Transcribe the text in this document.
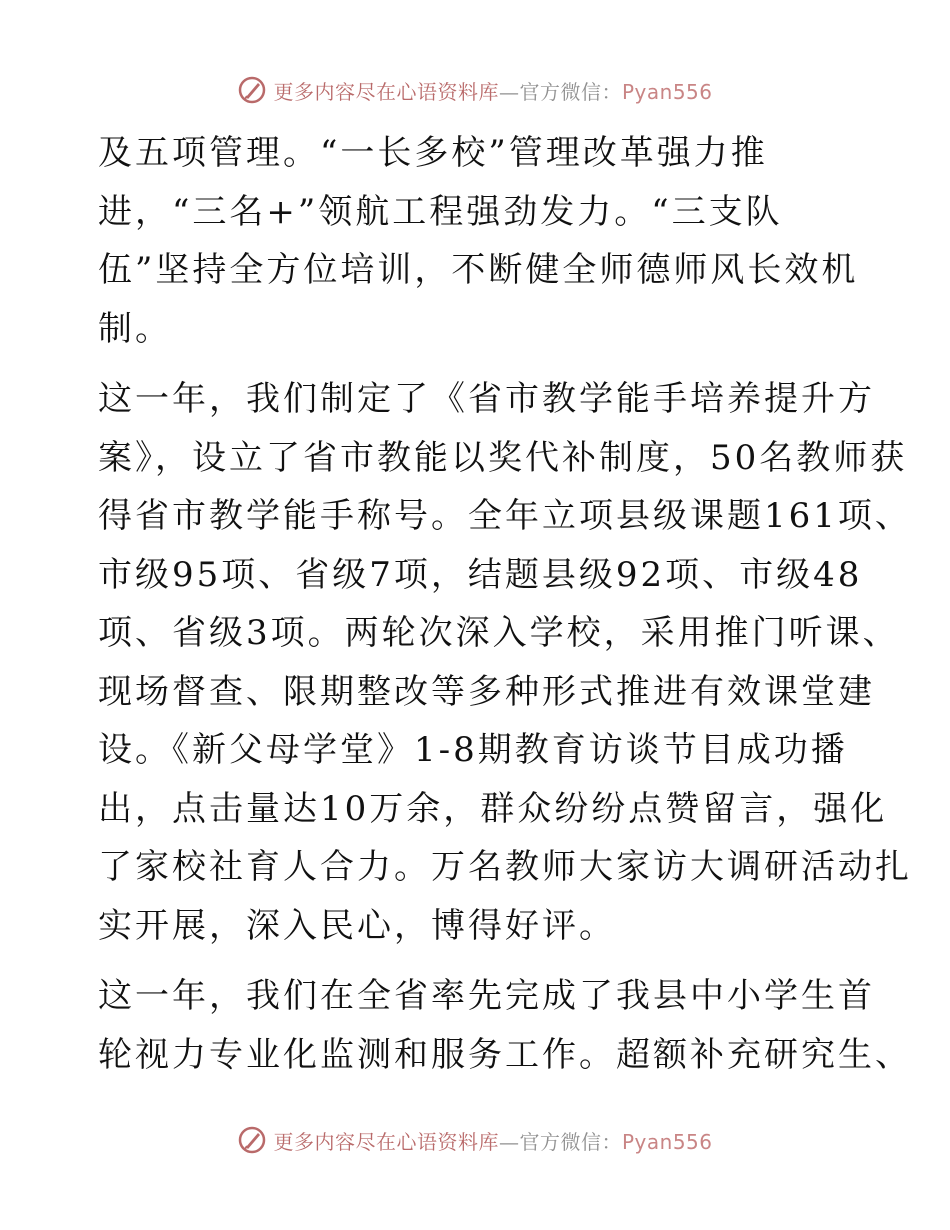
更多内容尽在心语资料库—官方微信：Pyan556
及五项管理。“一长多校”管理改革强力推
进，“三名+”领航工程强劲发力。“三支队
伍”坚持全方位培训，不断健全师德师风长效机
制。
这一年，我们制定了《省市教学能手培养提升方
案》，设立了省市教能以奖代补制度，50名教师获
得省市教学能手称号。全年立项县级课题161项、
市级95项、省级7项，结题县级92项、市级48
项、省级3项。两轮次深入学校，采用推门听课、
现场督查、限期整改等多种形式推进有效课堂建
设。《新父母学堂》1-8期教育访谈节目成功播
出，点击量达10万余，群众纷纷点赞留言，强化
了家校社育人合力。万名教师大家访大调研活动扎
实开展，深入民心，博得好评。
这一年，我们在全省率先完成了我县中小学生首
轮视力专业化监测和服务工作。超额补充研究生、
更多内容尽在心语资料库—官方微信：Pyan556
